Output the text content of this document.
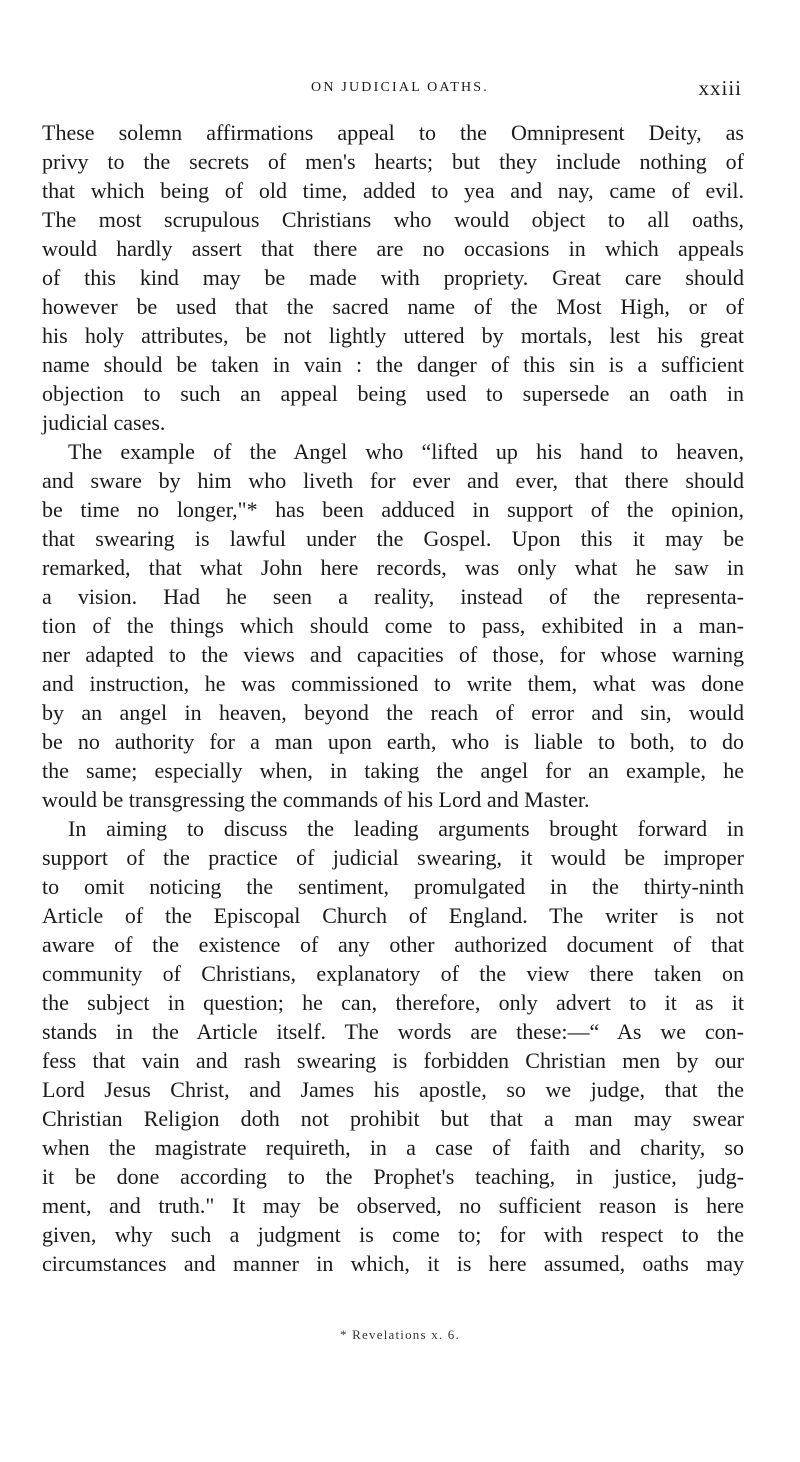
ON JUDICIAL OATHS.	xxiii
These solemn affirmations appeal to the Omnipresent Deity, as
privy to the secrets of men's hearts; but they include nothing of
that which being of old time, added to yea and nay, came of evil.
The most scrupulous Christians who would object to all oaths,
would hardly assert that there are no occasions in which appeals
of this kind may be made with propriety. Great care should
however be used that the sacred name of the Most High, or of
his holy attributes, be not lightly uttered by mortals, lest his great
name should be taken in vain : the danger of this sin is a sufficient
objection to such an appeal being used to supersede an oath in
judicial cases.
The example of the Angel who “lifted up his hand to heaven,
and sware by him who liveth for ever and ever, that there should
be time no longer,"* has been adduced in support of the opinion,
that swearing is lawful under the Gospel. Upon this it may be
remarked, that what John here records, was only what he saw in
a vision. Had he seen a reality, instead of the representa-
tion of the things which should come to pass, exhibited in a man-
ner adapted to the views and capacities of those, for whose warning
and instruction, he was commissioned to write them, what was done
by an angel in heaven, beyond the reach of error and sin, would
be no authority for a man upon earth, who is liable to both, to do
the same; especially when, in taking the angel for an example, he
would be transgressing the commands of his Lord and Master.
In aiming to discuss the leading arguments brought forward in
support of the practice of judicial swearing, it would be improper
to omit noticing the sentiment, promulgated in the thirty-ninth
Article of the Episcopal Church of England. The writer is not
aware of the existence of any other authorized document of that
community of Christians, explanatory of the view there taken on
the subject in question; he can, therefore, only advert to it as it
stands in the Article itself. The words are these:—“ As we con-
fess that vain and rash swearing is forbidden Christian men by our
Lord Jesus Christ, and James his apostle, so we judge, that the
Christian Religion doth not prohibit but that a man may swear
when the magistrate requireth, in a case of faith and charity, so
it be done according to the Prophet's teaching, in justice, judg-
ment, and truth." It may be observed, no sufficient reason is here
given, why such a judgment is come to; for with respect to the
circumstances and manner in which, it is here assumed, oaths may
* Revelations x. 6.
